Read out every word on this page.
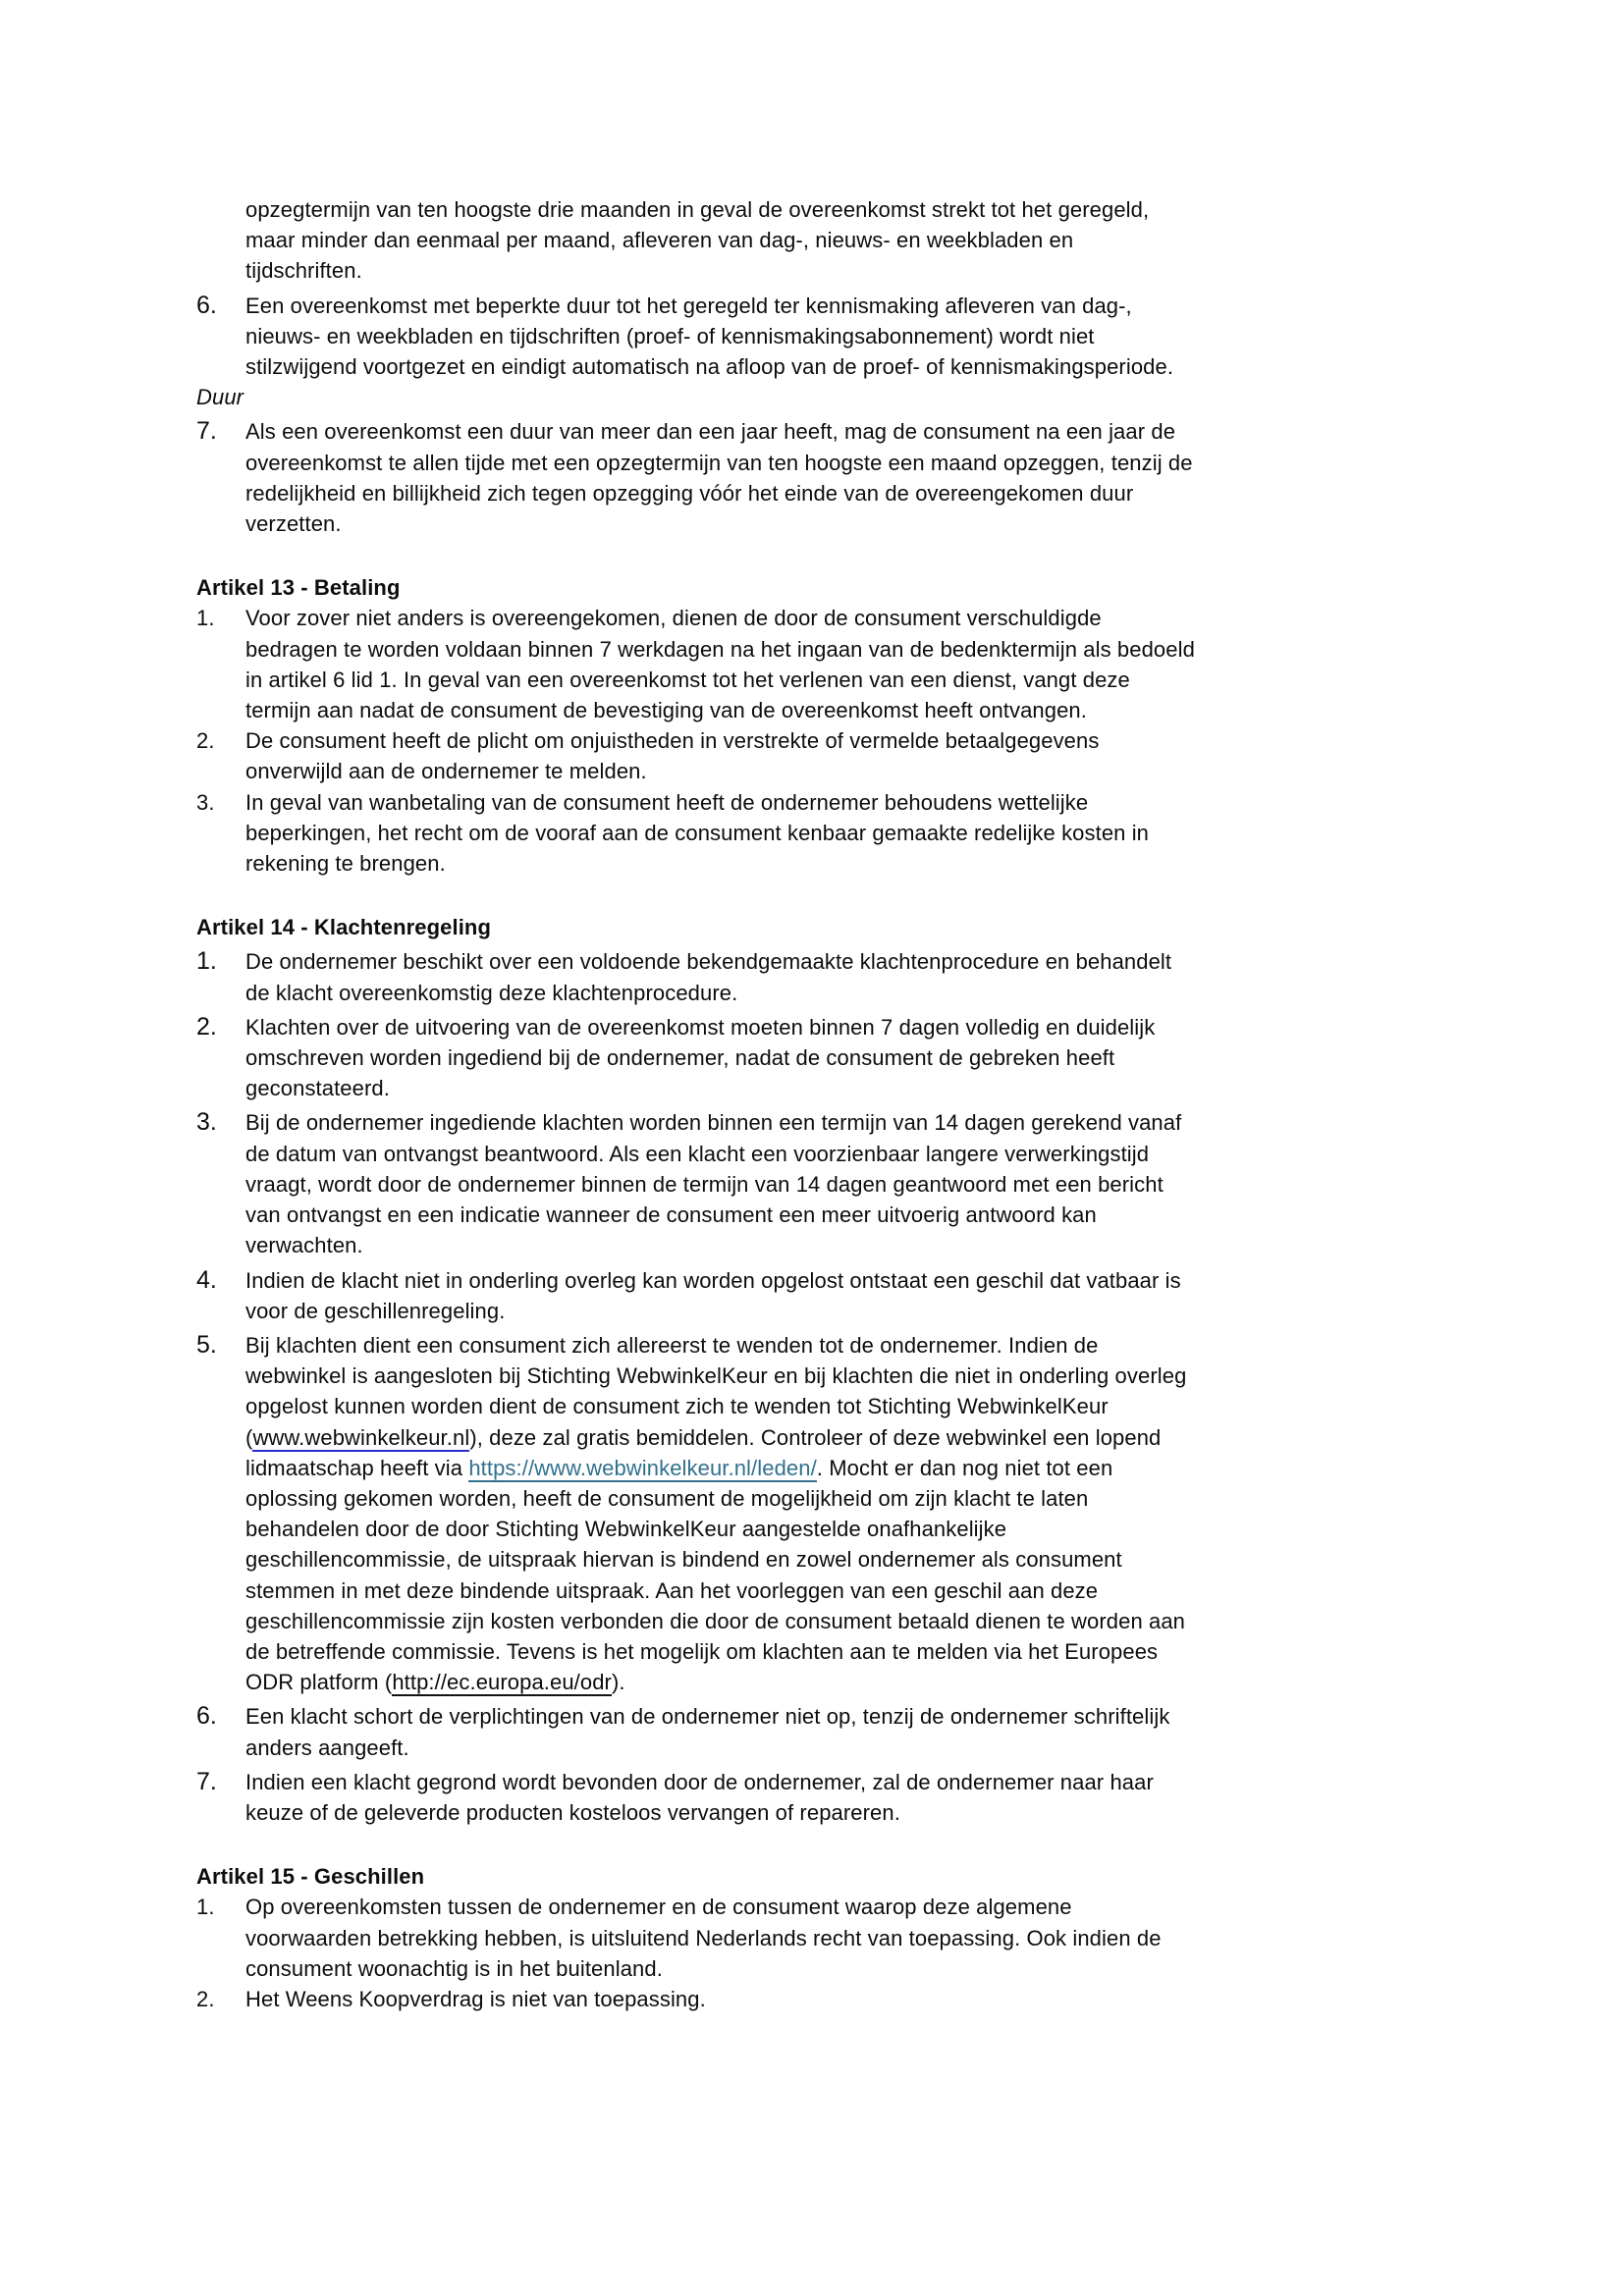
opzegtermijn van ten hoogste drie maanden in geval de overeenkomst strekt tot het geregeld,
maar minder dan eenmaal per maand, afleveren van dag-, nieuws- en weekbladen en
tijdschriften.
6.	Een overeenkomst met beperkte duur tot het geregeld ter kennismaking afleveren van dag-,
nieuws- en weekbladen en tijdschriften (proef- of kennismakingsabonnement) wordt niet
stilzwijgend voortgezet en eindigt automatisch na afloop van de proef- of kennismakingsperiode.
Duur
7.	Als een overeenkomst een duur van meer dan een jaar heeft, mag de consument na een jaar de
overeenkomst te allen tijde met een opzegtermijn van ten hoogste een maand opzeggen, tenzij de
redelijkheid en billijkheid zich tegen opzegging vóór het einde van de overeengekomen duur
verzetten.
Artikel 13 - Betaling
1.	Voor zover niet anders is overeengekomen, dienen de door de consument verschuldigde
bedragen te worden voldaan binnen 7 werkdagen na het ingaan van de bedenktermijn als bedoeld
in artikel 6 lid 1. In geval van een overeenkomst tot het verlenen van een dienst, vangt deze
termijn aan nadat de consument de bevestiging van de overeenkomst heeft ontvangen.
2.	De consument heeft de plicht om onjuistheden in verstrekte of vermelde betaalgegevens
onverwijld aan de ondernemer te melden.
3.	In geval van wanbetaling van de consument heeft de ondernemer behoudens wettelijke
beperkingen, het recht om de vooraf aan de consument kenbaar gemaakte redelijke kosten in
rekening te brengen.
Artikel 14 - Klachtenregeling
1.	De ondernemer beschikt over een voldoende bekendgemaakte klachtenprocedure en behandelt
de klacht overeenkomstig deze klachtenprocedure.
2.	Klachten over de uitvoering van de overeenkomst moeten binnen 7 dagen volledig en duidelijk
omschreven worden ingediend bij de ondernemer, nadat de consument de gebreken heeft
geconstateerd.
3.	Bij de ondernemer ingediende klachten worden binnen een termijn van 14 dagen gerekend vanaf
de datum van ontvangst beantwoord. Als een klacht een voorzienbaar langere verwerkingstijd
vraagt, wordt door de ondernemer binnen de termijn van 14 dagen geantwoord met een bericht
van ontvangst en een indicatie wanneer de consument een meer uitvoerig antwoord kan
verwachten.
4.	Indien de klacht niet in onderling overleg kan worden opgelost ontstaat een geschil dat vatbaar is
voor de geschillenregeling.
5.	Bij klachten dient een consument zich allereerst te wenden tot de ondernemer. Indien de
webwinkel is aangesloten bij Stichting WebwinkelKeur en bij klachten die niet in onderling overleg
opgelost kunnen worden dient de consument zich te wenden tot Stichting WebwinkelKeur
(www.webwinkelkeur.nl), deze zal gratis bemiddelen. Controleer of deze webwinkel een lopend
lidmaatschap heeft via https://www.webwinkelkeur.nl/leden/. Mocht er dan nog niet tot een
oplossing gekomen worden, heeft de consument de mogelijkheid om zijn klacht te laten
behandelen door de door Stichting WebwinkelKeur aangestelde onafhankelijke
geschillencommissie, de uitspraak hiervan is bindend en zowel ondernemer als consument
stemmen in met deze bindende uitspraak. Aan het voorleggen van een geschil aan deze
geschillencommissie zijn kosten verbonden die door de consument betaald dienen te worden aan
de betreffende commissie. Tevens is het mogelijk om klachten aan te melden via het Europees
ODR platform (http://ec.europa.eu/odr).
6.	Een klacht schort de verplichtingen van de ondernemer niet op, tenzij de ondernemer schriftelijk
anders aangeeft.
7.	Indien een klacht gegrond wordt bevonden door de ondernemer, zal de ondernemer naar haar
keuze of de geleverde producten kosteloos vervangen of repareren.
Artikel 15 - Geschillen
1.	Op overeenkomsten tussen de ondernemer en de consument waarop deze algemene
voorwaarden betrekking hebben, is uitsluitend Nederlands recht van toepassing. Ook indien de
consument woonachtig is in het buitenland.
2.	Het Weens Koopverdrag is niet van toepassing.
